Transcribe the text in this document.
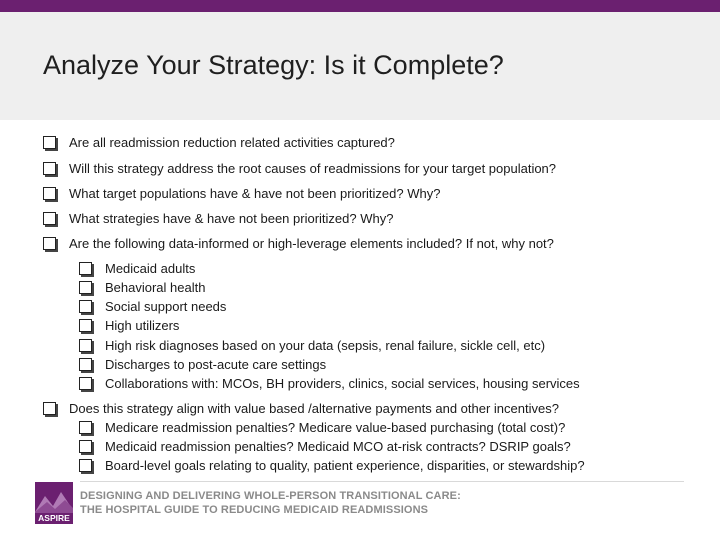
Analyze Your Strategy: Is it Complete?
Are all readmission reduction related activities captured?
Will this strategy address the root causes of readmissions for your target population?
What target populations have & have not been prioritized? Why?
What strategies have & have not been prioritized? Why?
Are the following data-informed or high-leverage elements included? If not, why not?
Medicaid adults
Behavioral health
Social support needs
High utilizers
High risk diagnoses based on your data (sepsis, renal failure, sickle cell, etc)
Discharges to post-acute care settings
Collaborations with: MCOs, BH providers, clinics, social services, housing services
Does this strategy align with value based /alternative payments and other incentives?
Medicare readmission penalties? Medicare value-based purchasing (total cost)?
Medicaid readmission penalties? Medicaid MCO at-risk contracts? DSRIP goals?
Board-level goals relating to quality, patient experience, disparities, or stewardship?
ASPIRE
DESIGNING AND DELIVERING WHOLE-PERSON TRANSITIONAL CARE:
THE HOSPITAL GUIDE TO REDUCING MEDICAID READMISSIONS
